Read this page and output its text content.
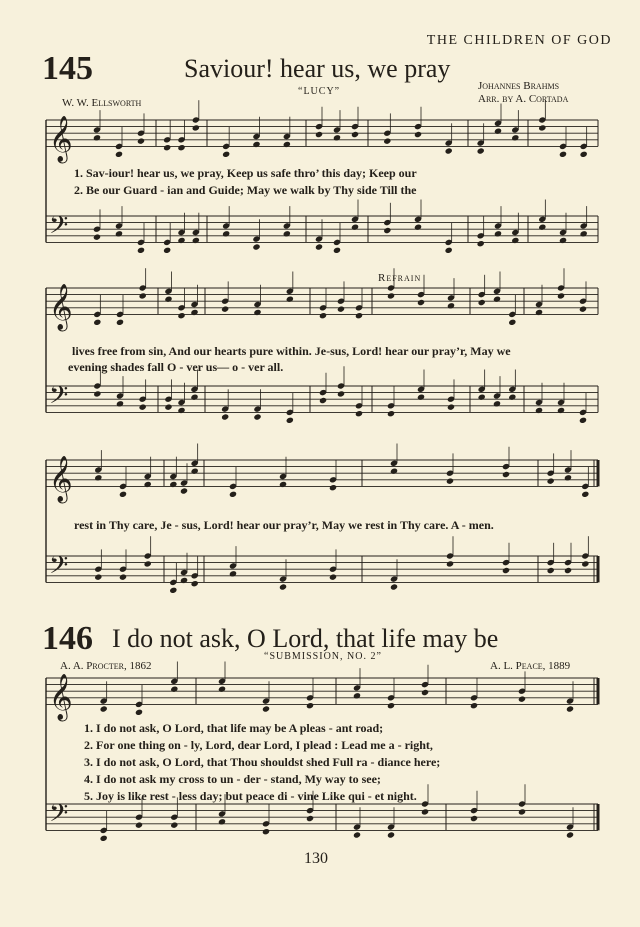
THE CHILDREN OF GOD
145	Saviour! hear us, we pray
“LUCY”
W. W. Ellsworth
Johannes Brahms
Arr. by A. Cortada
Refrain
1. Sav-iour! hear us, we pray, Keep us safe thro’ this day; Keep our
2. Be our Guard - ian and Guide; May we walk by Thy side Till the
lives free from sin, And our hearts pure within. Je-sus, Lord! hear our pray’r, May we
evening shades fall O - ver us— o - ver all.
rest in Thy care, Je - sus, Lord! hear our pray’r, May we rest in Thy care. A - men.
146 I do not ask, O Lord, that life may be
“SUBMISSION, NO. 2”
A. A. Procter, 1862	A. L. Peace, 1889
1. I do not ask, O Lord, that life may be A pleas - ant road;
2. For one thing on - ly, Lord, dear Lord, I plead : Lead me a - right,
3. I do not ask, O Lord, that Thou shouldst shed Full ra - diance here;
4. I do not ask my cross to un - der - stand, My way to see;
5. Joy is like rest - less day; but peace di - vine Like qui - et night.
130
𝄞
𝄢
𝄞
𝄢
𝄞
𝄢
𝄞
𝄢
